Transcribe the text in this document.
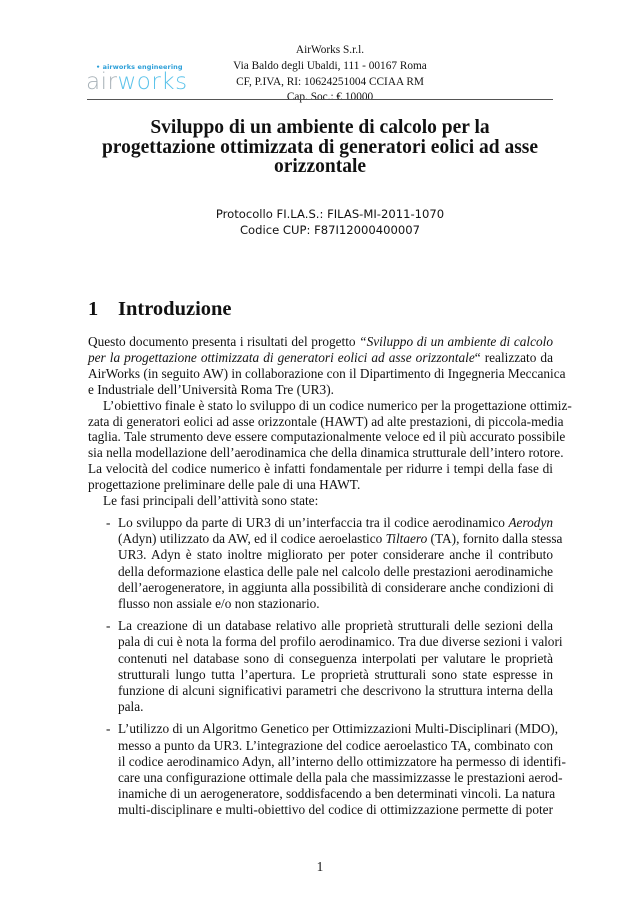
• airworks engineering
airworks
AirWorks S.r.l.
Via Baldo degli Ubaldi, 111 - 00167 Roma
CF, P.IVA, RI: 10624251004 CCIAA RM
Cap. Soc.: € 10000
Sviluppo di un ambiente di calcolo per la
progettazione ottimizzata di generatori eolici ad asse
orizzontale
Protocollo FI.LA.S.: FILAS-MI-2011-1070
Codice CUP: F87I12000400007
1 Introduzione
Questo documento presenta i risultati del progetto “Sviluppo di un ambiente di calcolo
per la progettazione ottimizzata di generatori eolici ad asse orizzontale“ realizzato da
AirWorks (in seguito AW) in collaborazione con il Dipartimento di Ingegneria Meccanica
e Industriale dell’Università Roma Tre (UR3).
L’obiettivo finale è stato lo sviluppo di un codice numerico per la progettazione ottimiz-
zata di generatori eolici ad asse orizzontale (HAWT) ad alte prestazioni, di piccola-media
taglia. Tale strumento deve essere computazionalmente veloce ed il più accurato possibile
sia nella modellazione dell’aerodinamica che della dinamica strutturale dell’intero rotore.
La velocità del codice numerico è infatti fondamentale per ridurre i tempi della fase di
progettazione preliminare delle pale di una HAWT.
Le fasi principali dell’attività sono state:
- Lo sviluppo da parte di UR3 di un’interfaccia tra il codice aerodinamico Aerodyn
(Adyn) utilizzato da AW, ed il codice aeroelastico Tiltaero (TA), fornito dalla stessa
UR3. Adyn è stato inoltre migliorato per poter considerare anche il contributo
della deformazione elastica delle pale nel calcolo delle prestazioni aerodinamiche
dell’aerogeneratore, in aggiunta alla possibilità di considerare anche condizioni di
flusso non assiale e/o non stazionario.
- La creazione di un database relativo alle proprietà strutturali delle sezioni della
pala di cui è nota la forma del profilo aerodinamico. Tra due diverse sezioni i valori
contenuti nel database sono di conseguenza interpolati per valutare le proprietà
strutturali lungo tutta l’apertura. Le proprietà strutturali sono state espresse in
funzione di alcuni significativi parametri che descrivono la struttura interna della
pala.
- L’utilizzo di un Algoritmo Genetico per Ottimizzazioni Multi-Disciplinari (MDO),
messo a punto da UR3. L’integrazione del codice aeroelastico TA, combinato con
il codice aerodinamico Adyn, all’interno dello ottimizzatore ha permesso di identifi-
care una configurazione ottimale della pala che massimizzasse le prestazioni aerod-
inamiche di un aerogeneratore, soddisfacendo a ben determinati vincoli. La natura
multi-disciplinare e multi-obiettivo del codice di ottimizzazione permette di poter
1
